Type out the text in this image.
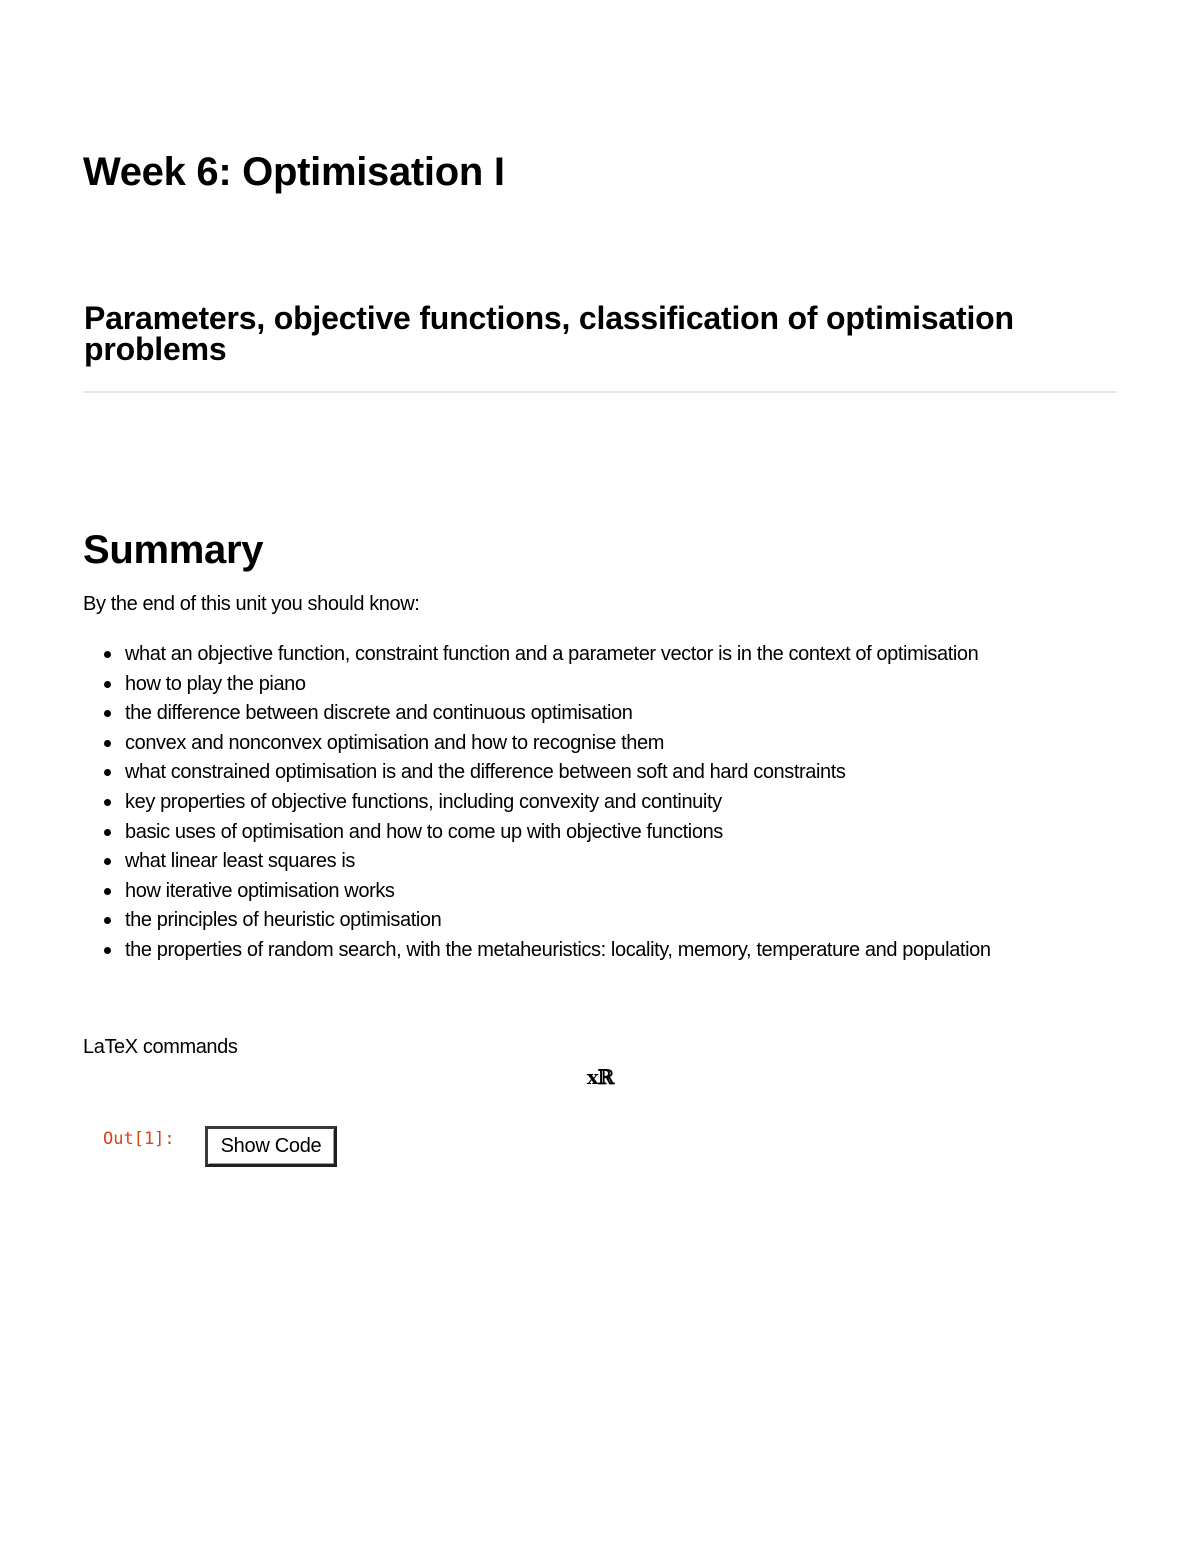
Week 6: Optimisation I
Parameters, objective functions, classification of optimisation problems
Summary

By the end of this unit you should know:

what an objective function, constraint function and a parameter vector is in the context of optimisation
how to play the piano
the difference between discrete and continuous optimisation
convex and nonconvex optimisation and how to recognise them
what constrained optimisation is and the difference between soft and hard constraints
key properties of objective functions, including convexity and continuity
basic uses of optimisation and how to come up with objective functions
what linear least squares is
how iterative optimisation works
the principles of heuristic optimisation
the properties of random search, with the metaheuristics: locality, memory, temperature and population

LaTeX commands

xℝ
Out[1]:	Show Code
